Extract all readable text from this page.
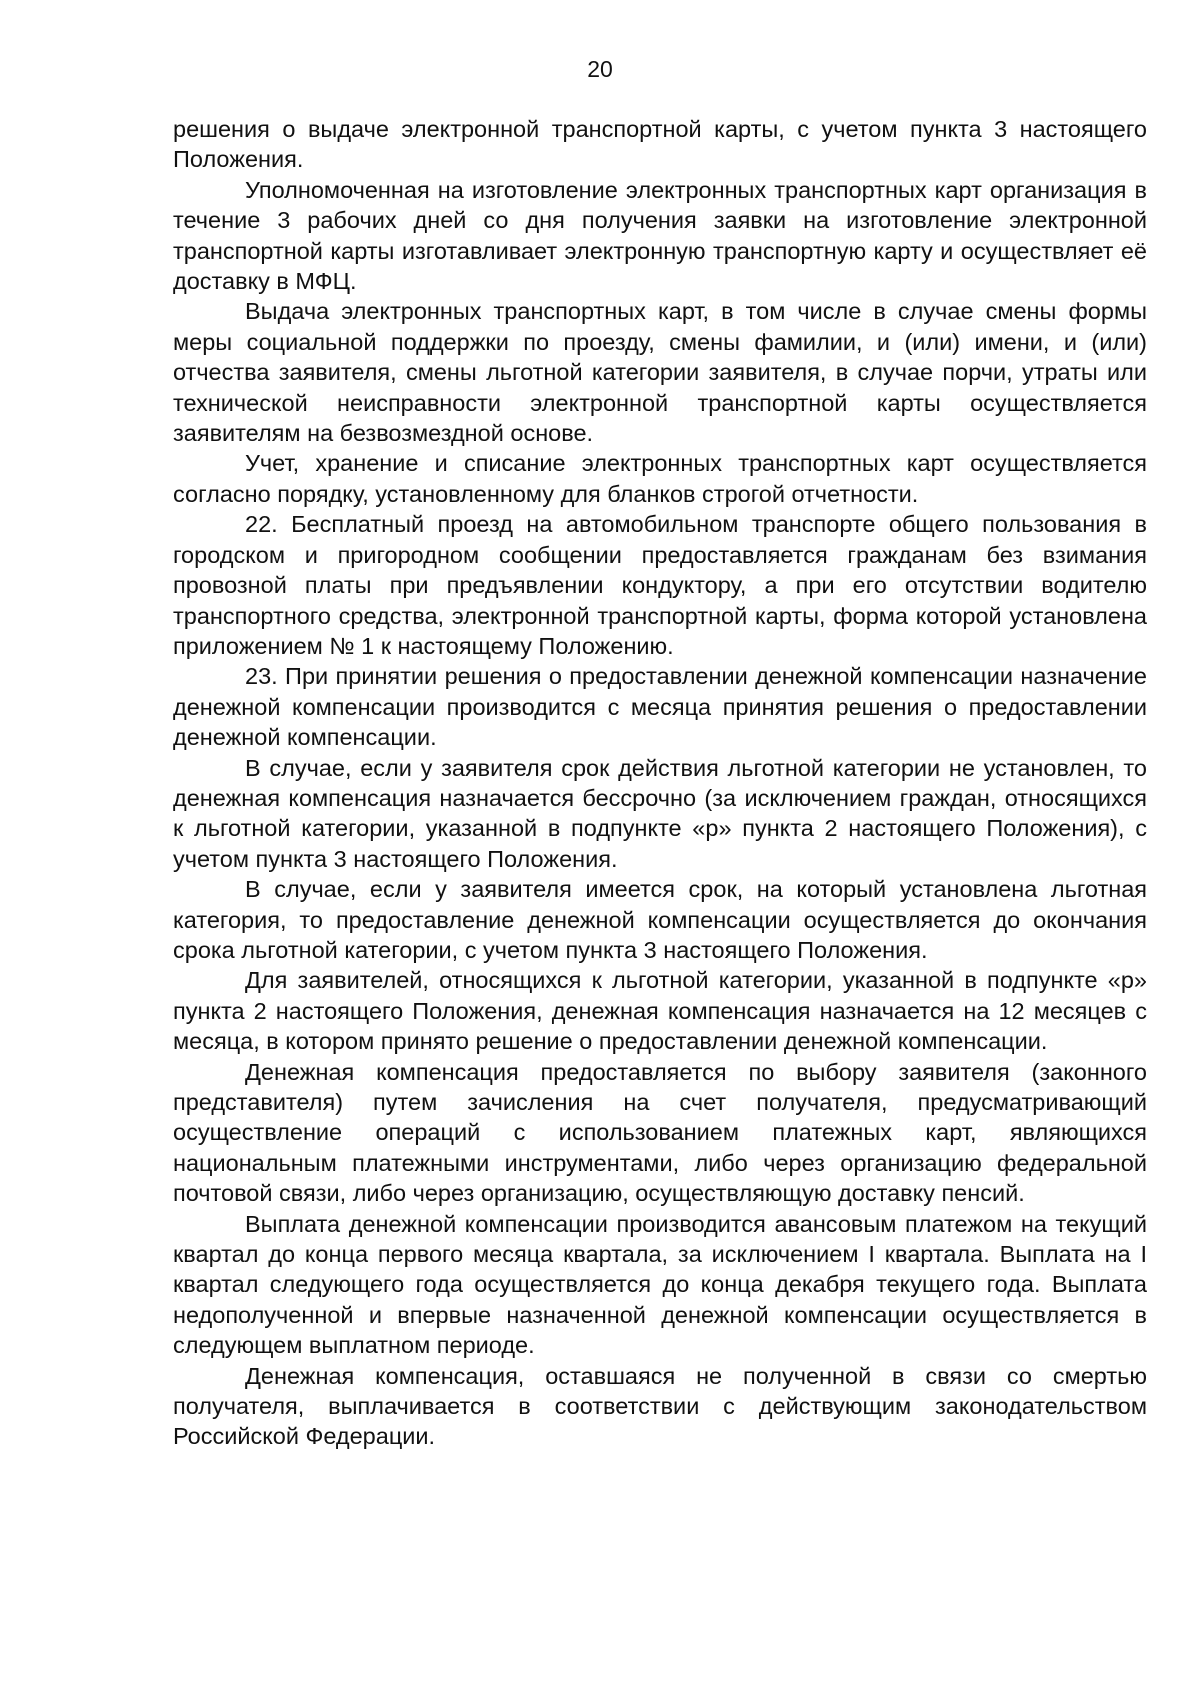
20

решения о выдаче электронной транспортной карты, с учетом пункта 3 настоящего Положения.

Уполномоченная на изготовление электронных транспортных карт организация в течение 3 рабочих дней со дня получения заявки на изготовление электронной транспортной карты изготавливает электронную транспортную карту и осуществляет её доставку в МФЦ.

Выдача электронных транспортных карт, в том числе в случае смены формы меры социальной поддержки по проезду, смены фамилии, и (или) имени, и (или) отчества заявителя, смены льготной категории заявителя, в случае порчи, утраты или технической неисправности электронной транспортной карты осуществляется заявителям на безвозмездной основе.

Учет, хранение и списание электронных транспортных карт осуществляется согласно порядку, установленному для бланков строгой отчетности.

22. Бесплатный проезд на автомобильном транспорте общего пользования в городском и пригородном сообщении предоставляется гражданам без взимания провозной платы при предъявлении кондуктору, а при его отсутствии водителю транспортного средства, электронной транспортной карты, форма которой установлена приложением № 1 к настоящему Положению.

23. При принятии решения о предоставлении денежной компенсации назначение денежной компенсации производится с месяца принятия решения о предоставлении денежной компенсации.

В случае, если у заявителя срок действия льготной категории не установлен, то денежная компенсация назначается бессрочно (за исключением граждан, относящихся к льготной категории, указанной в подпункте «р» пункта 2 настоящего Положения), с учетом пункта 3 настоящего Положения.

В случае, если у заявителя имеется срок, на который установлена льготная категория, то предоставление денежной компенсации осуществляется до окончания срока льготной категории, с учетом пункта 3 настоящего Положения.

Для заявителей, относящихся к льготной категории, указанной в подпункте «р» пункта 2 настоящего Положения, денежная компенсация назначается на 12 месяцев с месяца, в котором принято решение о предоставлении денежной компенсации.

Денежная компенсация предоставляется по выбору заявителя (законного представителя) путем зачисления на счет получателя, предусматривающий осуществление операций с использованием платежных карт, являющихся национальным платежными инструментами, либо через организацию федеральной почтовой связи, либо через организацию, осуществляющую доставку пенсий.

Выплата денежной компенсации производится авансовым платежом на текущий квартал до конца первого месяца квартала, за исключением I квартала. Выплата на I квартал следующего года осуществляется до конца декабря текущего года. Выплата недополученной и впервые назначенной денежной компенсации осуществляется в следующем выплатном периоде.

Денежная компенсация, оставшаяся не полученной в связи со смертью получателя, выплачивается в соответствии с действующим законодательством Российской Федерации.
